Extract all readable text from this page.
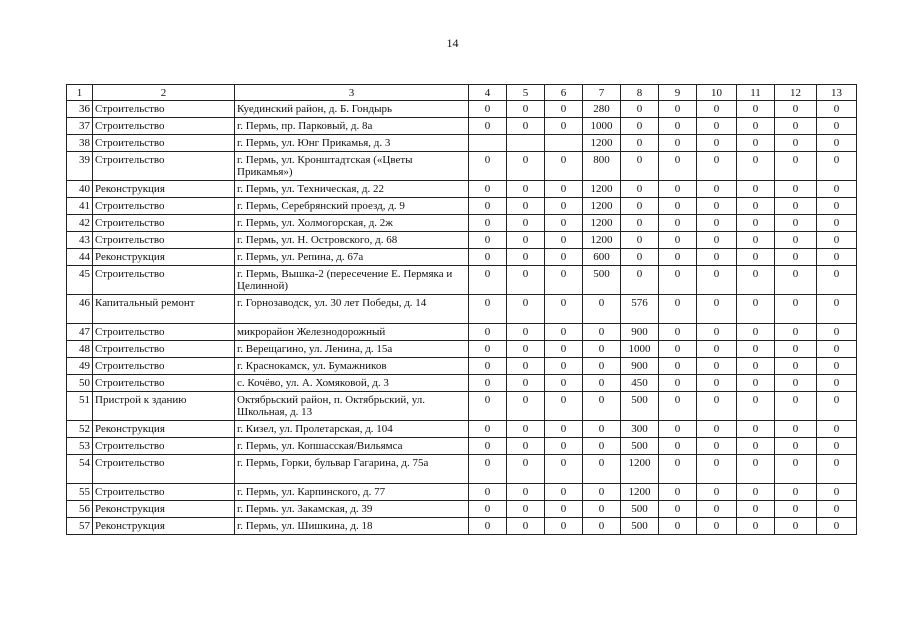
14
1	2	3	4	5	6	7	8	9	10	11	12	13
36	Строительство	Куединский район, д. Б. Гондырь	0	0	0	280	0	0	0	0	0	0
37	Строительство	г. Пермь, пр. Парковый, д. 8а	0	0	0	1000	0	0	0	0	0	0
38	Строительство	г. Пермь, ул. Юнг Прикамья, д. 3				1200	0	0	0	0	0	0
39	Строительство	г. Пермь, ул. Кронштадтская («Цветы Прикамья»)	0	0	0	800	0	0	0	0	0	0
40	Реконструкция	г. Пермь, ул. Техническая, д. 22	0	0	0	1200	0	0	0	0	0	0
41	Строительство	г. Пермь, Серебрянский проезд, д. 9	0	0	0	1200	0	0	0	0	0	0
42	Строительство	г. Пермь, ул. Холмогорская, д. 2ж	0	0	0	1200	0	0	0	0	0	0
43	Строительство	г. Пермь, ул. Н. Островского, д. 68	0	0	0	1200	0	0	0	0	0	0
44	Реконструкция	г. Пермь, ул. Репина, д. 67а	0	0	0	600	0	0	0	0	0	0
45	Строительство	г. Пермь, Вышка-2 (пересечение Е. Пермяка и Целинной)	0	0	0	500	0	0	0	0	0	0
46	Капитальный ремонт	г. Горнозаводск, ул. 30 лет Победы, д. 14	0	0	0	0	576	0	0	0	0	0
47	Строительство	микрорайон Железнодорожный	0	0	0	0	900	0	0	0	0	0
48	Строительство	г. Верещагино, ул. Ленина, д. 15а	0	0	0	0	1000	0	0	0	0	0
49	Строительство	г. Краснокамск, ул. Бумажников	0	0	0	0	900	0	0	0	0	0
50	Строительство	с. Кочёво, ул. А. Хомяковой, д. 3	0	0	0	0	450	0	0	0	0	0
51	Пристрой к зданию	Октябрьский район, п. Октябрьский, ул. Школьная, д. 13	0	0	0	0	500	0	0	0	0	0
52	Реконструкция	г. Кизел, ул. Пролетарская, д. 104	0	0	0	0	300	0	0	0	0	0
53	Строительство	г. Пермь, ул. Копшасская/Вильямса	0	0	0	0	500	0	0	0	0	0
54	Строительство	г. Пермь, Горки, бульвар Гагарина, д. 75а	0	0	0	0	1200	0	0	0	0	0
55	Строительство	г. Пермь, ул. Карпинского, д. 77	0	0	0	0	1200	0	0	0	0	0
56	Реконструкция	г. Пермь. ул. Закамская, д. 39	0	0	0	0	500	0	0	0	0	0
57	Реконструкция	г. Пермь, ул. Шишкина, д. 18	0	0	0	0	500	0	0	0	0	0
